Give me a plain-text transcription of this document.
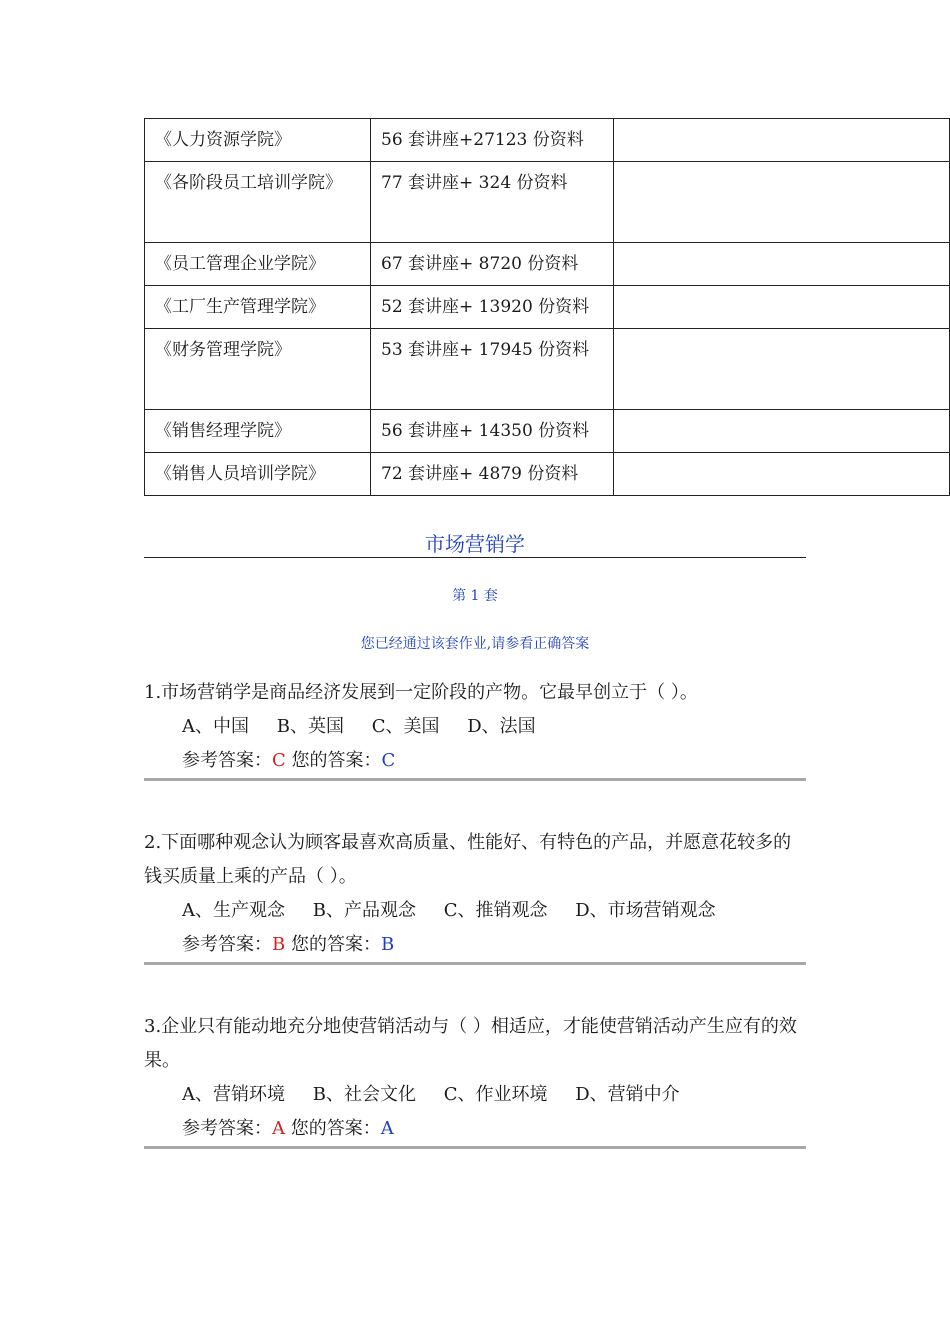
《人力资源学院》	56 套讲座+27123 份资料	
《各阶段员工培训学院》	77 套讲座+ 324 份资料	
《员工管理企业学院》	67 套讲座+ 8720 份资料	
《工厂生产管理学院》	52 套讲座+ 13920 份资料	
《财务管理学院》	53 套讲座+ 17945 份资料	
《销售经理学院》	56 套讲座+ 14350 份资料	
《销售人员培训学院》	72 套讲座+ 4879 份资料	
市场营销学
第 1 套
您已经通过该套作业,请参看正确答案

1.市场营销学是商品经济发展到一定阶段的产物。它最早创立于（ ）。

A、中国 B、英国 C、美国 D、法国
参考答案：C 您的答案：C

2.下面哪种观念认为顾客最喜欢高质量、性能好、有特色的产品，并愿意花较多的钱买质量上乘的产品（ ）。

A、生产观念 B、产品观念 C、推销观念 D、市场营销观念
参考答案：B 您的答案：B

3.企业只有能动地充分地使营销活动与（ ）相适应，才能使营销活动产生应有的效果。

A、营销环境 B、社会文化 C、作业环境 D、营销中介
参考答案：A 您的答案：A
